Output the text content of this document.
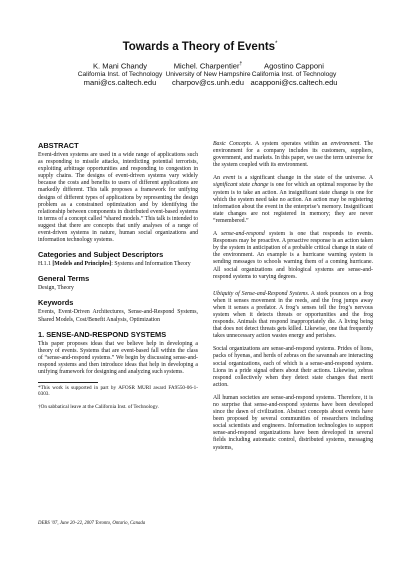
Towards a Theory of Events*
K. Mani Chandy
California Inst. of Technology
mani@cs.caltech.edu
Michel. Charpentier†
University of New Hampshire
charpov@cs.unh.edu
Agostino Capponi
California Inst. of Technology
acapponi@cs.caltech.edu
ABSTRACT

Event-driven systems are used in a wide range of applications such as responding to missile attacks, interdicting potential terrorists, exploiting arbitrage opportunities and responding to congestion in supply chains. The designs of event-driven systems vary widely because the costs and benefits to users of different applications are markedly different. This talk proposes a framework for unifying designs of different types of applications by representing the design problem as a constrained optimization and by identifying the relationship between components in distributed event-based systems in terms of a concept called “shared models.” This talk is intended to suggest that there are concepts that unify analyses of a range of event-driven systems in nature, human social organizations and information technology systems.

Categories and Subject Descriptors

H.1.1 [Models and Principles]: Systems and Information Theory

General Terms

Design, Theory

Keywords

Events, Event-Driven Architectures, Sense-and-Respond Systems, Shared Models, Cost/Benefit Analysis, Optimization

1. SENSE-AND-RESPOND SYSTEMS

This paper proposes ideas that we believe help in developing a theory of events. Systems that are event-based fall within the class of “sense-and-respond systems.” We begin by discussing sense-and-respond systems and then introduce ideas that help in developing a unifying framework for designing and analyzing such systems.

*This work is supported in part by AFOSR MURI award FA9550-06-1-0303.

†On sabbatical leave at the California Inst. of Technology.

DEBS ’07, June 20–22, 2007 Toronto, Ontario, Canada

Basic Concepts. A system operates within an environment. The environment for a company includes its customers, suppliers, government, and markets. In this paper, we use the term universe for the system coupled with its environment.

An event is a significant change in the state of the universe. A significant state change is one for which an optimal response by the system is to take an action. An insignificant state change is one for which the system need take no action. An action may be registering information about the event in the enterprise’s memory. Insignificant state changes are not registered in memory; they are never “remembered.”

A sense-and-respond system is one that responds to events. Responses may be proactive. A proactive response is an action taken by the system in anticipation of a probable critical change in state of the environment. An example is a hurricane warning system is sending messages to schools warning them of a coming hurricane. All social organizations and biological systems are sense-and-respond systems to varying degrees.

Ubiquity of Sense-and-Respond Systems. A stork pounces on a frog when it senses movement in the reeds, and the frog jumps away when it senses a predator. A frog’s senses tell the frog’s nervous system when it detects threats or opportunities and the frog responds. Animals that respond inappropriately die. A living being that does not detect threats gets killed. Likewise, one that frequently takes unnecessary action wastes energy and perishes.

Social organizations are sense-and-respond systems. Prides of lions, packs of hyenas, and herds of zebras on the savannah are interacting social organizations, each of which is a sense-and-respond system. Lions in a pride signal others about their actions. Likewise, zebras respond collectively when they detect state changes that merit action.

All human societies are sense-and-respond systems. Therefore, it is no surprise that sense-and-respond systems have been developed since the dawn of civilization. Abstract concepts about events have been proposed by several communities of researchers including social scientists and engineers. Information technologies to support sense-and-respond organizations have been developed in several fields including automatic control, distributed systems, messaging systems,
